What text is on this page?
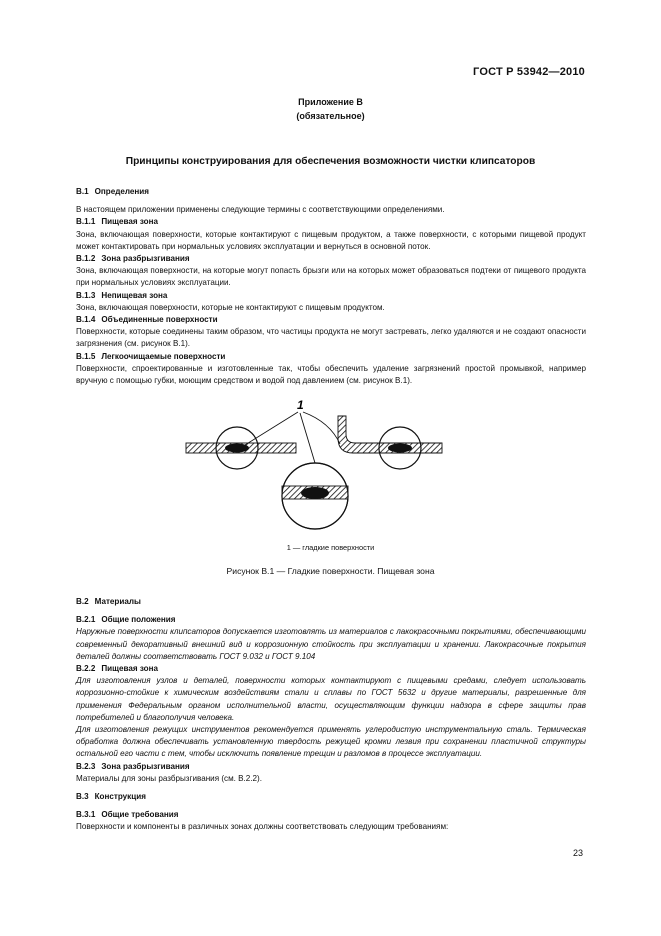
ГОСТ Р 53942—2010
Приложение В
(обязательное)
Принципы конструирования для обеспечения возможности чистки клипсаторов

В.1 Определения

В настоящем приложении применены следующие термины с соответствующими определениями.

В.1.1 Пищевая зона

Зона, включающая поверхности, которые контактируют с пищевым продуктом, а также поверхности, с которыми пищевой продукт может контактировать при нормальных условиях эксплуатации и вернуться в основной поток.

В.1.2 Зона разбрызгивания

Зона, включающая поверхности, на которые могут попасть брызги или на которых может образоваться подтеки от пищевого продукта при нормальных условиях эксплуатации.

В.1.3 Непищевая зона

Зона, включающая поверхности, которые не контактируют с пищевым продуктом.

В.1.4 Объединенные поверхности

Поверхности, которые соединены таким образом, что частицы продукта не могут застревать, легко удаляются и не создают опасности загрязнения (см. рисунок В.1).

В.1.5 Легкоочищаемые поверхности

Поверхности, спроектированные и изготовленные так, чтобы обеспечить удаление загрязнений простой промывкой, например вручную с помощью губки, моющим средством и водой под давлением (см. рисунок В.1).

1
1 — гладкие поверхности
Рисунок В.1 — Гладкие поверхности. Пищевая зона

В.2 Материалы

В.2.1 Общие положения

Наружные поверхности клипсаторов допускается изготовлять из материалов с лакокрасочными покрытиями, обеспечивающими современный декоративный внешний вид и коррозионную стойкость при эксплуатации и хранении. Лакокрасочные покрытия деталей должны соответствовать ГОСТ 9.032 и ГОСТ 9.104

В.2.2 Пищевая зона

Для изготовления узлов и деталей, поверхности которых контактируют с пищевыми средами, следует использовать коррозионно-стойкие к химическим воздействиям стали и сплавы по ГОСТ 5632 и другие материалы, разрешенные для применения Федеральным органом исполнительной власти, осуществляющим функции надзора в сфере защиты прав потребителей и благополучия человека.

Для изготовления режущих инструментов рекомендуется применять углеродистую инструментальную сталь. Термическая обработка должна обеспечивать установленную твердость режущей кромки лезвия при сохранении пластичной структуры остальной его части с тем, чтобы исключить появление трещин и разломов в процессе эксплуатации.

В.2.3 Зона разбрызгивания

Материалы для зоны разбрызгивания (см. В.2.2).

В.3 Конструкция

В.3.1 Общие требования

Поверхности и компоненты в различных зонах должны соответствовать следующим требованиям:

23
